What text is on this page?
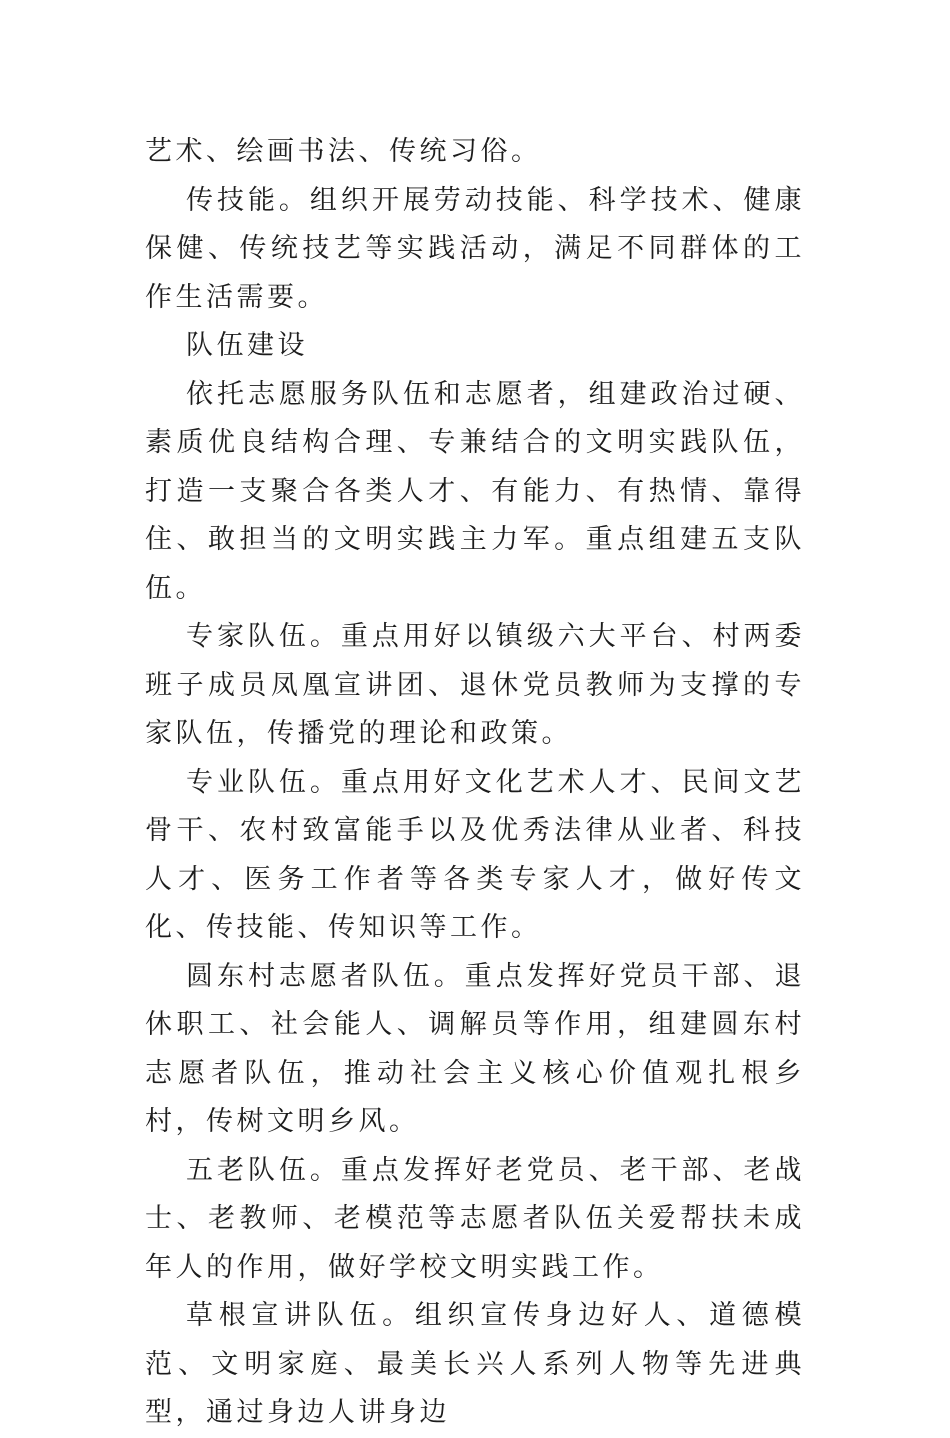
艺术、绘画书法、传统习俗。

传技能。组织开展劳动技能、科学技术、健康保健、传统技艺等实践活动，满足不同群体的工作生活需要。

队伍建设

依托志愿服务队伍和志愿者，组建政治过硬、素质优良结构合理、专兼结合的文明实践队伍，打造一支聚合各类人才、有能力、有热情、靠得住、敢担当的文明实践主力军。重点组建五支队伍。

专家队伍。重点用好以镇级六大平台、村两委班子成员凤凰宣讲团、退休党员教师为支撑的专家队伍，传播党的理论和政策。

专业队伍。重点用好文化艺术人才、民间文艺骨干、农村致富能手以及优秀法律从业者、科技人才、医务工作者等各类专家人才，做好传文化、传技能、传知识等工作。

圆东村志愿者队伍。重点发挥好党员干部、退休职工、社会能人、调解员等作用，组建圆东村志愿者队伍，推动社会主义核心价值观扎根乡村，传树文明乡风。

五老队伍。重点发挥好老党员、老干部、老战士、老教师、老模范等志愿者队伍关爱帮扶未成年人的作用，做好学校文明实践工作。

草根宣讲队伍。组织宣传身边好人、道德模范、文明家庭、最美长兴人系列人物等先进典型，通过身边人讲身边
